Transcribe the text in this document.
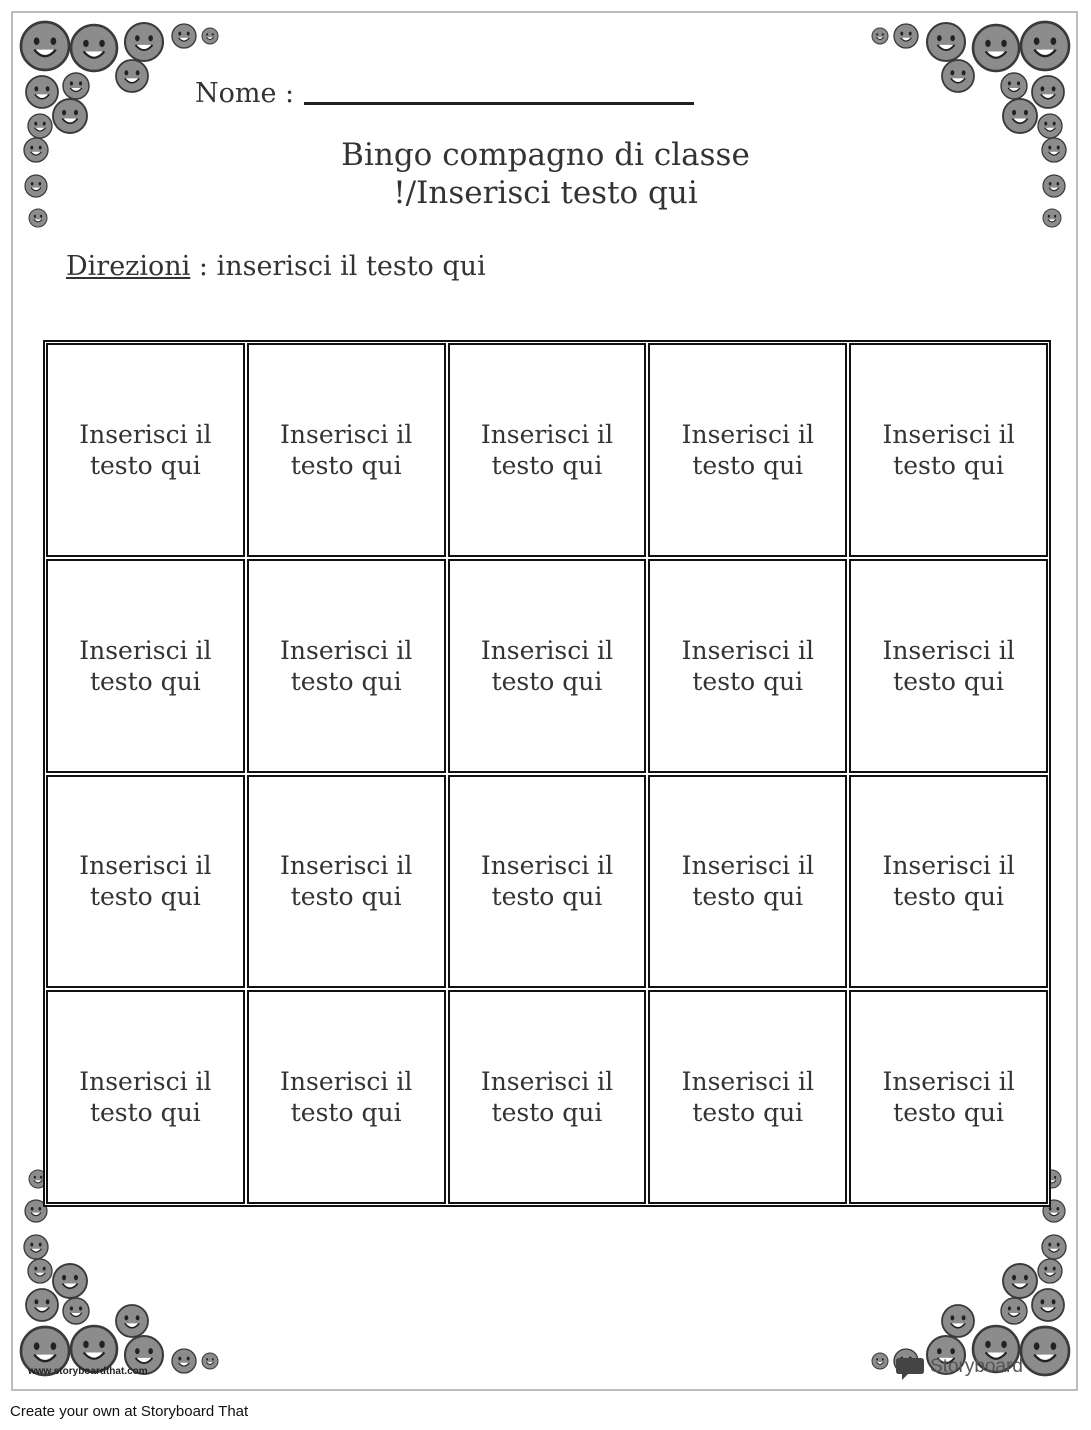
Nome :
Bingo compagno di classe
!/Inserisci testo qui
Direzioni : inserisci il testo qui
Inserisci il testo qui
Inserisci il testo qui
Inserisci il testo qui
Inserisci il testo qui
Inserisci il testo qui
Inserisci il testo qui
Inserisci il testo qui
Inserisci il testo qui
Inserisci il testo qui
Inserisci il testo qui
Inserisci il testo qui
Inserisci il testo qui
Inserisci il testo qui
Inserisci il testo qui
Inserisci il testo qui
Inserisci il testo qui
Inserisci il testo qui
Inserisci il testo qui
Inserisci il testo qui
Inserisci il testo qui
www.storyboardthat.com	Storyboard
Create your own at Storyboard That
